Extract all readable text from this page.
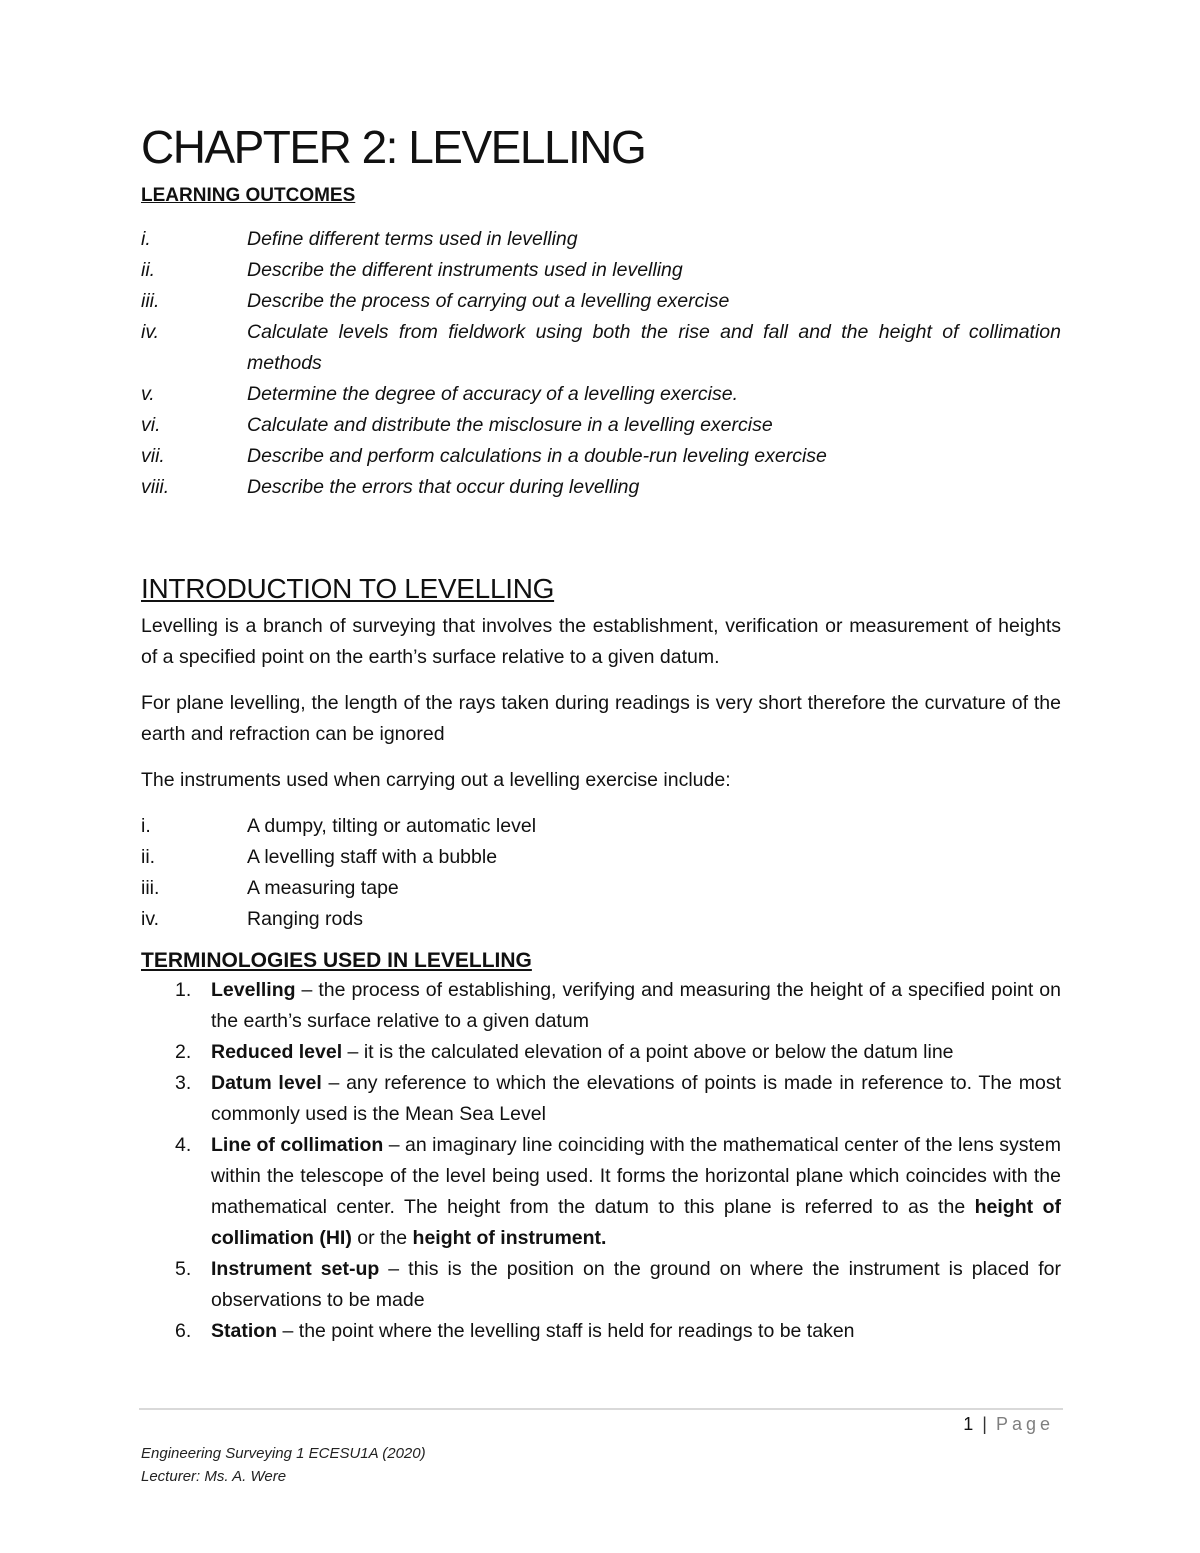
CHAPTER 2: LEVELLING
LEARNING OUTCOMES
i.	Define different terms used in levelling
ii.	Describe the different instruments used in levelling
iii.	Describe the process of carrying out a levelling exercise
iv.	Calculate levels from fieldwork using both the rise and fall and the height of collimation methods
v.	Determine the degree of accuracy of a levelling exercise.
vi.	Calculate and distribute the misclosure in a levelling exercise
vii.	Describe and perform calculations in a double-run leveling exercise
viii.	Describe the errors that occur during levelling
INTRODUCTION TO LEVELLING

Levelling is a branch of surveying that involves the establishment, verification or measurement of heights of a specified point on the earth’s surface relative to a given datum.

For plane levelling, the length of the rays taken during readings is very short therefore the curvature of the earth and refraction can be ignored

The instruments used when carrying out a levelling exercise include:

i.	A dumpy, tilting or automatic level
ii.	A levelling staff with a bubble
iii.	A measuring tape
iv.	Ranging rods
TERMINOLOGIES USED IN LEVELLING
1.	Levelling – the process of establishing, verifying and measuring the height of a specified point on the earth’s surface relative to a given datum
2.	Reduced level – it is the calculated elevation of a point above or below the datum line
3.	Datum level – any reference to which the elevations of points is made in reference to. The most commonly used is the Mean Sea Level
4.	Line of collimation – an imaginary line coinciding with the mathematical center of the lens system within the telescope of the level being used. It forms the horizontal plane which coincides with the mathematical center. The height from the datum to this plane is referred to as the height of collimation (HI) or the height of instrument.
5.	Instrument set-up – this is the position on the ground on where the instrument is placed for observations to be made
6.	Station – the point where the levelling staff is held for readings to be taken
1 | Page
Engineering Surveying 1 ECESU1A (2020)
Lecturer: Ms. A. Were
